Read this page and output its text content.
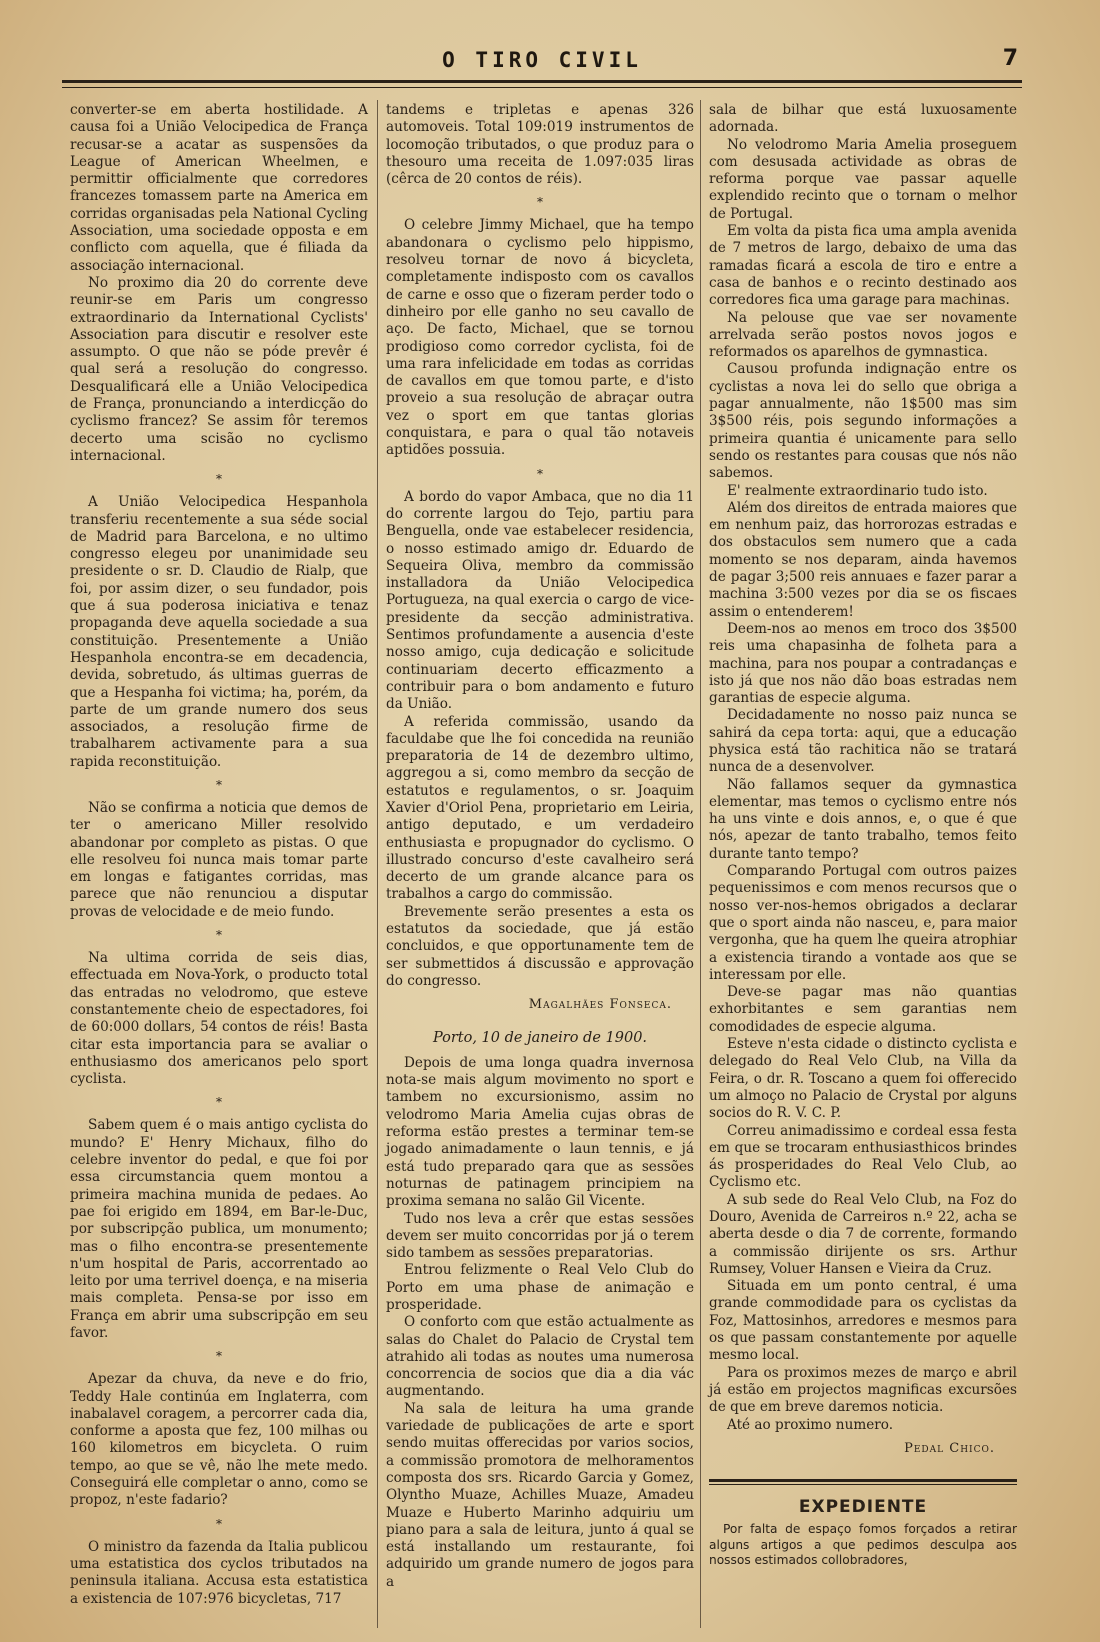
O TIRO CIVIL	7

converter-se em aberta hostilidade. A causa foi a União Velocipedica de França recusar-se a acatar as suspensões da League of American Wheelmen, e permittir officialmente que corredores francezes tomassem parte na America em corridas organisadas pela National Cycling Association, uma sociedade opposta e em conflicto com aquella, que é filiada da associação internacional.

No proximo dia 20 do corrente deve reunir-se em Paris um congresso extraordinario da International Cyclists' Association para discutir e resolver este assumpto. O que não se póde prevêr é qual será a resolução do congresso. Desqualificará elle a União Velocipedica de França, pronunciando a interdicção do cyclismo francez? Se assim fôr teremos decerto uma scisão no cyclismo internacional.

*

A União Velocipedica Hespanhola transferiu recentemente a sua séde social de Madrid para Barcelona, e no ultimo congresso elegeu por unanimidade seu presidente o sr. D. Claudio de Rialp, que foi, por assim dizer, o seu fundador, pois que á sua poderosa iniciativa e tenaz propaganda deve aquella sociedade a sua constituição. Presentemente a União Hespanhola encontra-se em decadencia, devida, sobretudo, ás ultimas guerras de que a Hespanha foi victima; ha, porém, da parte de um grande numero dos seus associados, a resolução firme de trabalharem activamente para a sua rapida reconstituição.

*

Não se confirma a noticia que demos de ter o americano Miller resolvido abandonar por completo as pistas. O que elle resolveu foi nunca mais tomar parte em longas e fatigantes corridas, mas parece que não renunciou a disputar provas de velocidade e de meio fundo.

*

Na ultima corrida de seis dias, effectuada em Nova-York, o producto total das entradas no velodromo, que esteve constantemente cheio de espectadores, foi de 60:000 dollars, 54 contos de réis! Basta citar esta importancia para se avaliar o enthusiasmo dos americanos pelo sport cyclista.

*

Sabem quem é o mais antigo cyclista do mundo? E' Henry Michaux, filho do celebre inventor do pedal, e que foi por essa circumstancia quem montou a primeira machina munida de pedaes. Ao pae foi erigido em 1894, em Bar-le-Duc, por subscripção publica, um monumento; mas o filho encontra-se presentemente n'um hospital de Paris, accorrentado ao leito por uma terrivel doença, e na miseria mais completa. Pensa-se por isso em França em abrir uma subscripção em seu favor.

*

Apezar da chuva, da neve e do frio, Teddy Hale continúa em Inglaterra, com inabalavel coragem, a percorrer cada dia, conforme a aposta que fez, 100 milhas ou 160 kilometros em bicycleta. O ruim tempo, ao que se vê, não lhe mete medo. Conseguirá elle completar o anno, como se propoz, n'este fadario?

*

O ministro da fazenda da Italia publicou uma estatistica dos cyclos tributados na peninsula italiana. Accusa esta estatistica a existencia de 107:976 bicycletas, 717

tandems e tripletas e apenas 326 automoveis. Total 109:019 instrumentos de locomoção tributados, o que produz para o thesouro uma receita de 1.097:035 liras (cêrca de 20 contos de réis).

*

O celebre Jimmy Michael, que ha tempo abandonara o cyclismo pelo hippismo, resolveu tornar de novo á bicycleta, completamente indisposto com os cavallos de carne e osso que o fizeram perder todo o dinheiro por elle ganho no seu cavallo de aço. De facto, Michael, que se tornou prodigioso como corredor cyclista, foi de uma rara infelicidade em todas as corridas de cavallos em que tomou parte, e d'isto proveio a sua resolução de abraçar outra vez o sport em que tantas glorias conquistara, e para o qual tão notaveis aptidões possuia.

*

A bordo do vapor Ambaca, que no dia 11 do corrente largou do Tejo, partiu para Benguella, onde vae estabelecer residencia, o nosso estimado amigo dr. Eduardo de Sequeira Oliva, membro da commissão installadora da União Velocipedica Portugueza, na qual exercia o cargo de vice-presidente da secção administrativa. Sentimos profundamente a ausencia d'este nosso amigo, cuja dedicação e solicitude continuariam decerto efficazmento a contribuir para o bom andamento e futuro da União.

A referida commissão, usando da faculdabe que lhe foi concedida na reunião preparatoria de 14 de dezembro ultimo, aggregou a si, como membro da secção de estatutos e regulamentos, o sr. Joaquim Xavier d'Oriol Pena, proprietario em Leiria, antigo deputado, e um verdadeiro enthusiasta e propugnador do cyclismo. O illustrado concurso d'este cavalheiro será decerto de um grande alcance para os trabalhos a cargo do commissão.

Brevemente serão presentes a esta os estatutos da sociedade, que já estão concluidos, e que opportunamente tem de ser submettidos á discussão e approvação do congresso.

Magalhães Fonseca.
Porto, 10 de janeiro de 1900.

Depois de uma longa quadra invernosa nota-se mais algum movimento no sport e tambem no excursionismo, assim no velodromo Maria Amelia cujas obras de reforma estão prestes a terminar tem-se jogado animadamente o laun tennis, e já está tudo preparado qara que as sessões noturnas de patinagem principiem na proxima semana no salão Gil Vicente.

Tudo nos leva a crêr que estas sessões devem ser muito concorridas por já o terem sido tambem as sessões preparatorias.

Entrou felizmente o Real Velo Club do Porto em uma phase de animação e prosperidade.

O conforto com que estão actualmente as salas do Chalet do Palacio de Crystal tem atrahido ali todas as noutes uma numerosa concorrencia de socios que dia a dia vác augmentando.

Na sala de leitura ha uma grande variedade de publicações de arte e sport sendo muitas offerecidas por varios socios, a commissão promotora de melhoramentos composta dos srs. Ricardo Garcia y Gomez, Olyntho Muaze, Achilles Muaze, Amadeu Muaze e Huberto Marinho adquiriu um piano para a sala de leitura, junto á qual se está installando um restaurante, foi adquirido um grande numero de jogos para a

sala de bilhar que está luxuosamente adornada.

No velodromo Maria Amelia proseguem com desusada actividade as obras de reforma porque vae passar aquelle explendido recinto que o tornam o melhor de Portugal.

Em volta da pista fica uma ampla avenida de 7 metros de largo, debaixo de uma das ramadas ficará a escola de tiro e entre a casa de banhos e o recinto destinado aos corredores fica uma garage para machinas.

Na pelouse que vae ser novamente arrelvada serão postos novos jogos e reformados os aparelhos de gymnastica.

Causou profunda indignação entre os cyclistas a nova lei do sello que obriga a pagar annualmente, não 1$500 mas sim 3$500 réis, pois segundo informações a primeira quantia é unicamente para sello sendo os restantes para cousas que nós não sabemos.

E' realmente extraordinario tudo isto.

Além dos direitos de entrada maiores que em nenhum paiz, das horrorozas estradas e dos obstaculos sem numero que a cada momento se nos deparam, ainda havemos de pagar 3;500 reis annuaes e fazer parar a machina 3:500 vezes por dia se os fiscaes assim o entenderem!

Deem-nos ao menos em troco dos 3$500 reis uma chapasinha de folheta para a machina, para nos poupar a contradanças e isto já que nos não dão boas estradas nem garantias de especie alguma.

Decidadamente no nosso paiz nunca se sahirá da cepa torta: aqui, que a educação physica está tão rachitica não se tratará nunca de a desenvolver.

Não fallamos sequer da gymnastica elementar, mas temos o cyclismo entre nós ha uns vinte e dois annos, e, o que é que nós, apezar de tanto trabalho, temos feito durante tanto tempo?

Comparando Portugal com outros paizes pequenissimos e com menos recursos que o nosso ver-nos-hemos obrigados a declarar que o sport ainda não nasceu, e, para maior vergonha, que ha quem lhe queira atrophiar a existencia tirando a vontade aos que se interessam por elle.

Deve-se pagar mas não quantias exhorbitantes e sem garantias nem comodidades de especie alguma.

Esteve n'esta cidade o distincto cyclista e delegado do Real Velo Club, na Villa da Feira, o dr. R. Toscano a quem foi offerecido um almoço no Palacio de Crystal por alguns socios do R. V. C. P.

Correu animadissimo e cordeal essa festa em que se trocaram enthusiasthicos brindes ás prosperidades do Real Velo Club, ao Cyclismo etc.

A sub sede do Real Velo Club, na Foz do Douro, Avenida de Carreiros n.º 22, acha se aberta desde o dia 7 de corrente, formando a commissão dirijente os srs. Arthur Rumsey, Voluer Hansen e Vieira da Cruz.

Situada em um ponto central, é uma grande commodidade para os cyclistas da Foz, Mattosinhos, arredores e mesmos para os que passam constantemente por aquelle mesmo local.

Para os proximos mezes de março e abril já estão em projectos magnificas excursões de que em breve daremos noticia.

Até ao proximo numero.

Pedal Chico.
EXPEDIENTE

Por falta de espaço fomos forçados a retirar alguns artigos a que pedimos desculpa aos nossos estimados collobradores,
